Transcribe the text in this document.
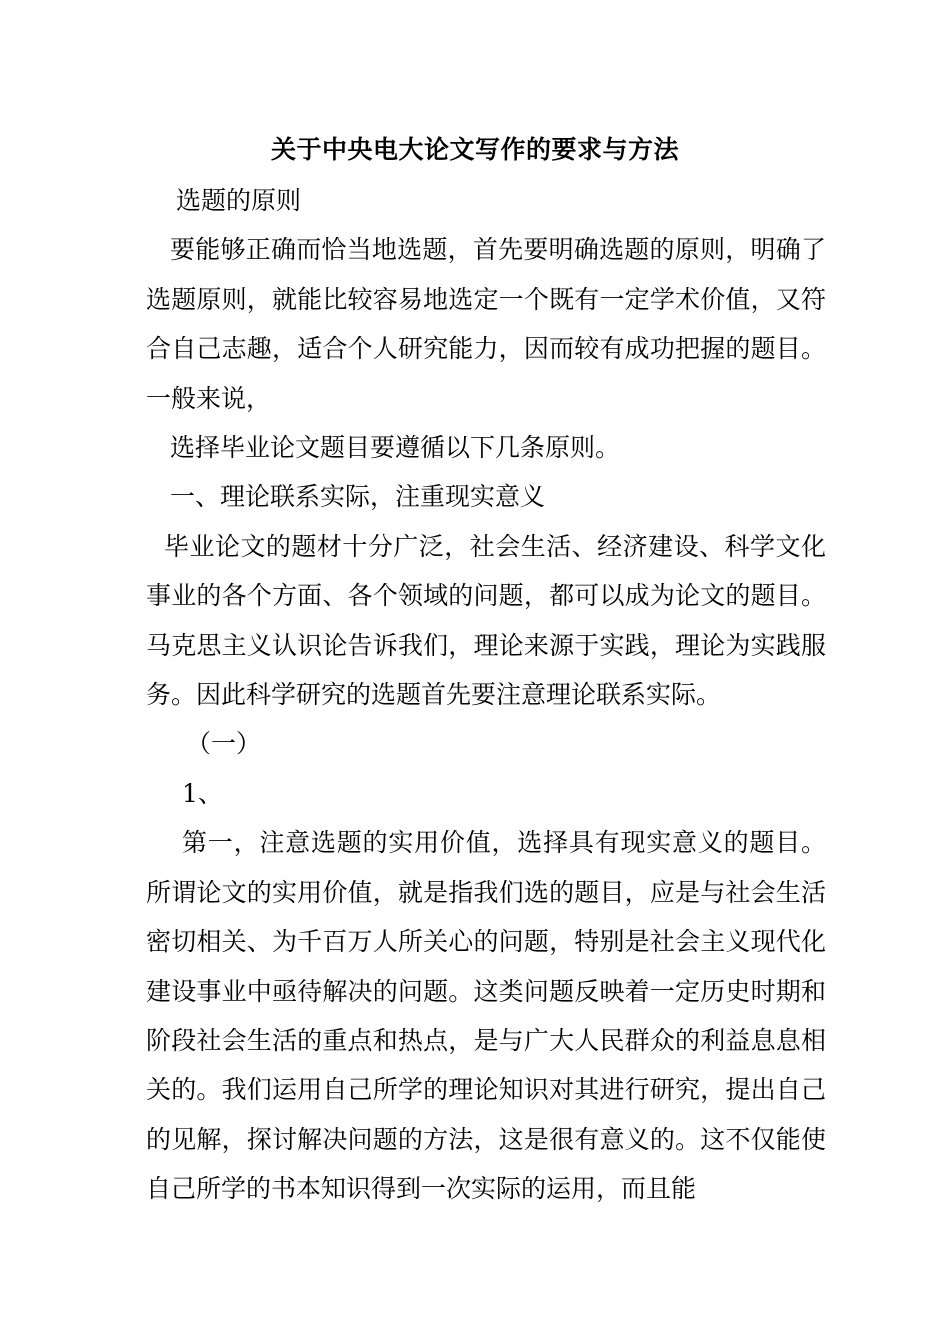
关于中央电大论文写作的要求与方法

选题的原则

要能够正确而恰当地选题，首先要明确选题的原则，明确了选题原则，就能比较容易地选定一个既有一定学术价值，又符合自己志趣，适合个人研究能力，因而较有成功把握的题目。一般来说，

选择毕业论文题目要遵循以下几条原则。

一、理论联系实际，注重现实意义

毕业论文的题材十分广泛，社会生活、经济建设、科学文化事业的各个方面、各个领域的问题，都可以成为论文的题目。马克思主义认识论告诉我们，理论来源于实践，理论为实践服务。因此科学研究的选题首先要注意理论联系实际。

（一）

1、

第一，注意选题的实用价值，选择具有现实意义的题目。所谓论文的实用价值，就是指我们选的题目，应是与社会生活密切相关、为千百万人所关心的问题，特别是社会主义现代化建设事业中亟待解决的问题。这类问题反映着一定历史时期和阶段社会生活的重点和热点，是与广大人民群众的利益息息相关的。我们运用自己所学的理论知识对其进行研究，提出自己的见解，探讨解决问题的方法，这是很有意义的。这不仅能使自己所学的书本知识得到一次实际的运用，而且能
